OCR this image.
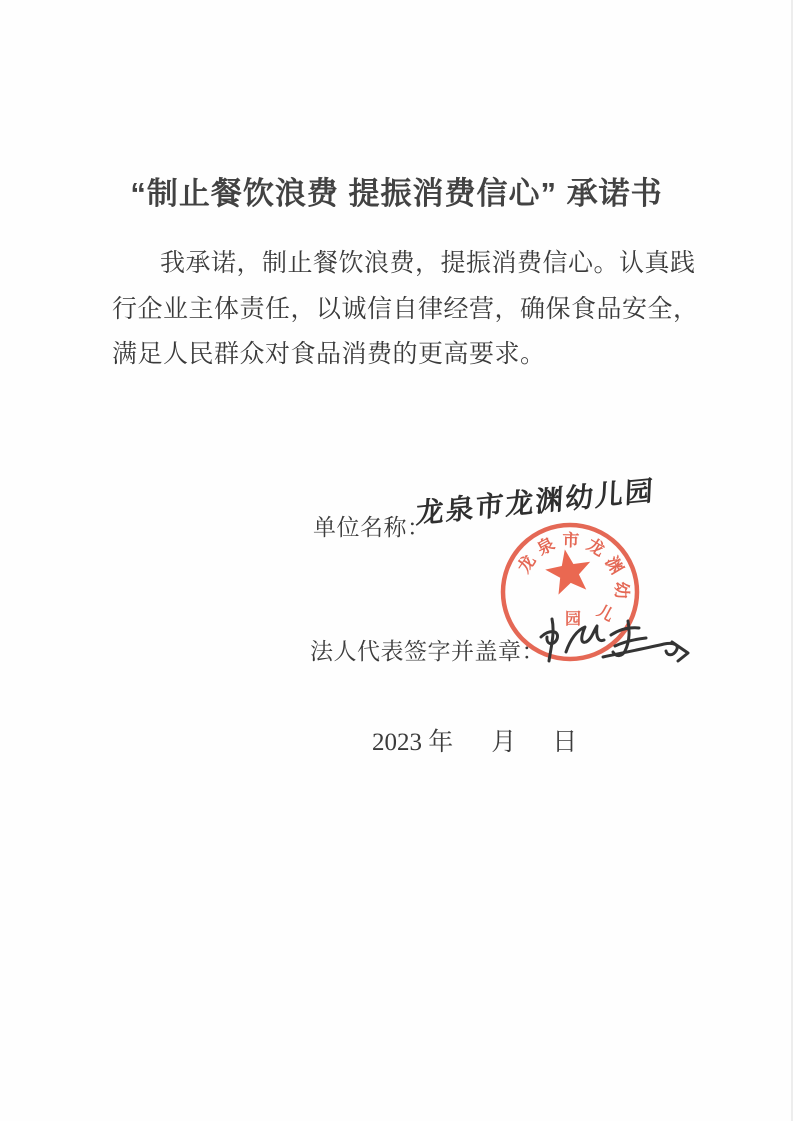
“制止餐饮浪费 提振消费信心” 承诺书
我承诺，制止餐饮浪费，提振消费信心。认真践
行企业主体责任，以诚信自律经营，确保食品安全，
满足人民群众对食品消费的更高要求。
单位名称：
法人代表签字并盖章：
龙
泉 市 龙
渊
幼
儿
园
龙泉市龙渊幼儿园
2023 年 月 日
